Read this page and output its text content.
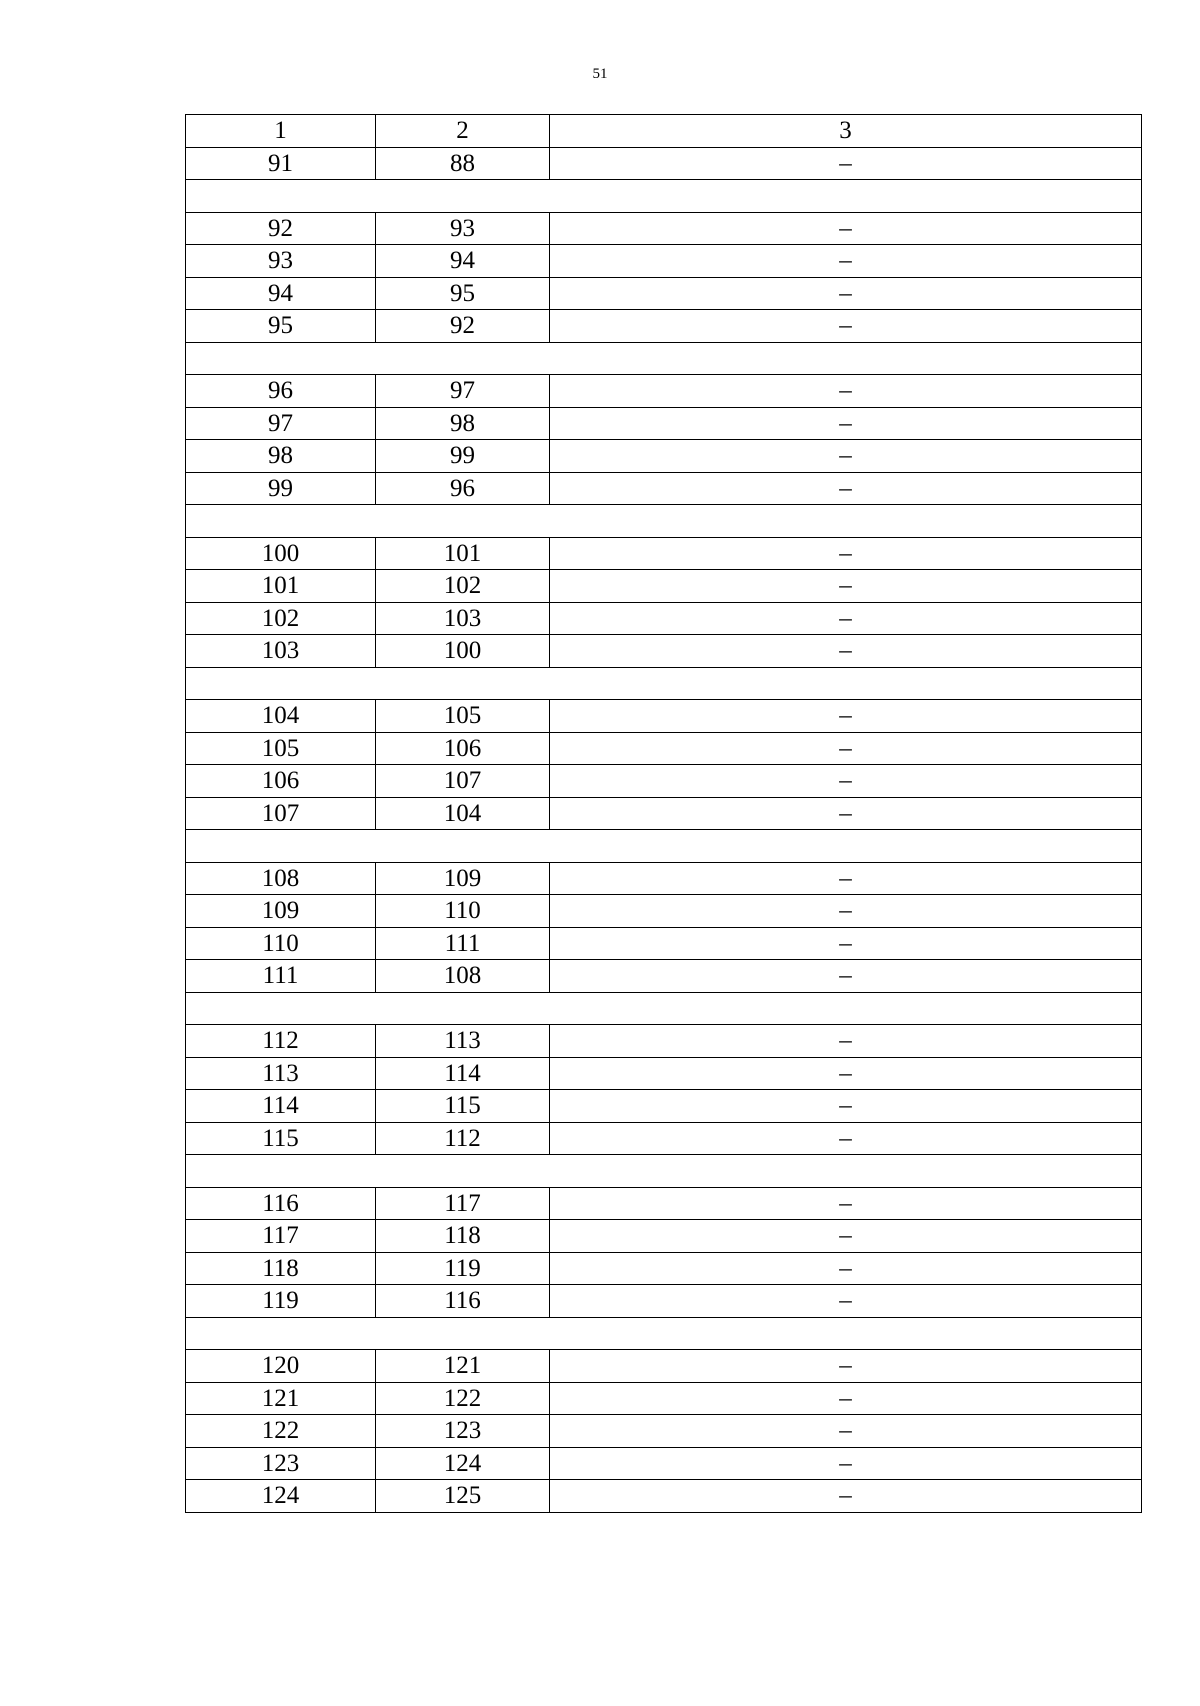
51
1	2	3
91	88	–

92	93	–
93	94	–
94	95	–
95	92	–

96	97	–
97	98	–
98	99	–
99	96	–

100	101	–
101	102	–
102	103	–
103	100	–

104	105	–
105	106	–
106	107	–
107	104	–

108	109	–
109	110	–
110	111	–
111	108	–

112	113	–
113	114	–
114	115	–
115	112	–

116	117	–
117	118	–
118	119	–
119	116	–

120	121	–
121	122	–
122	123	–
123	124	–
124	125	–
